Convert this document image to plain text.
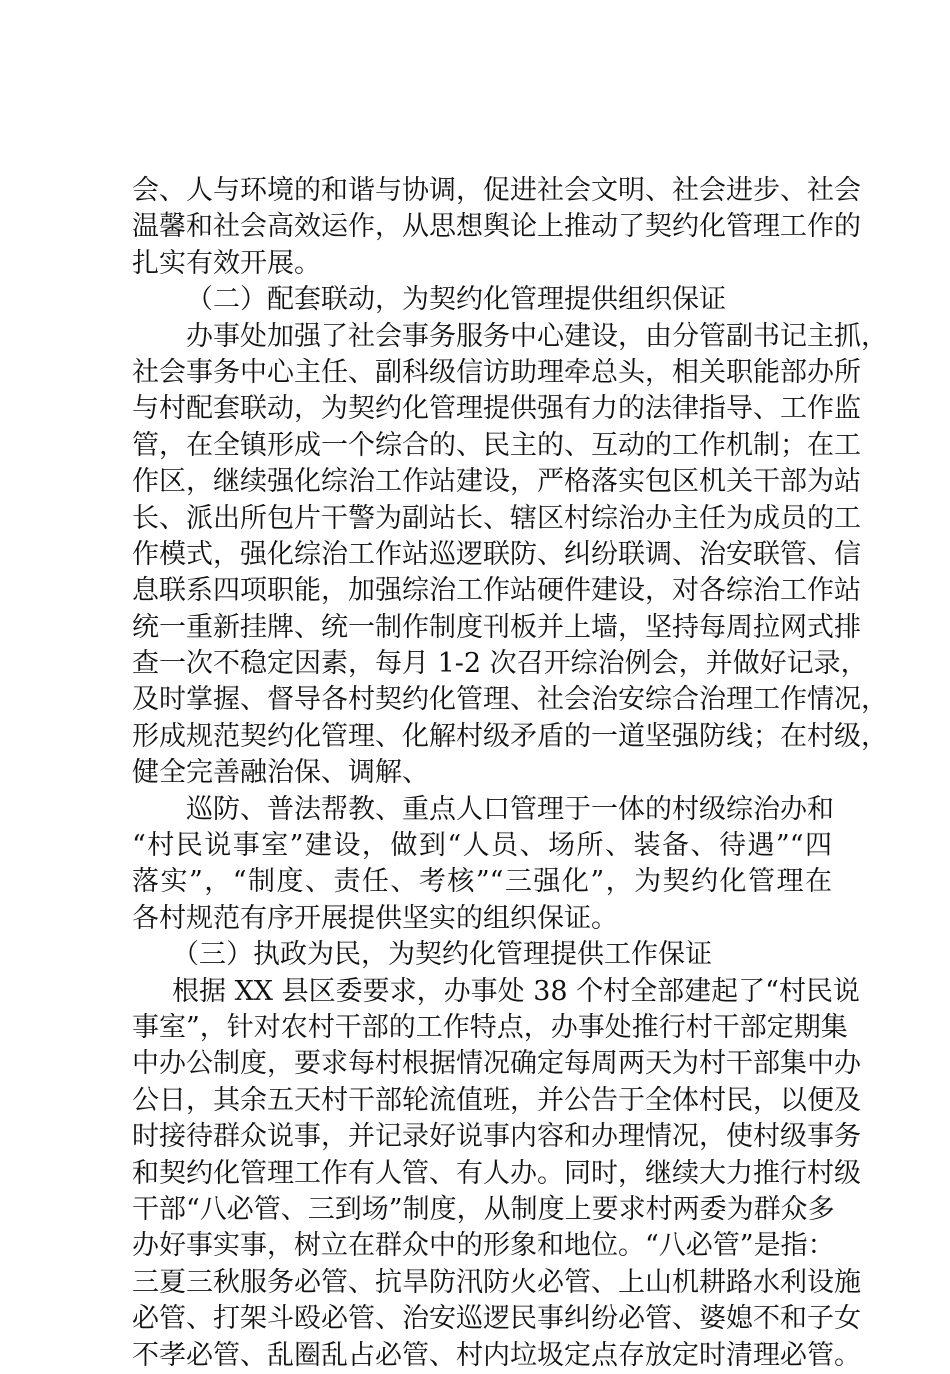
会、人与环境的和谐与协调，促进社会文明、社会进步、社会
温馨和社会高效运作，从思想舆论上推动了契约化管理工作的
扎实有效开展。
（二）配套联动，为契约化管理提供组织保证
办事处加强了社会事务服务中心建设，由分管副书记主抓，
社会事务中心主任、副科级信访助理牵总头，相关职能部办所
与村配套联动，为契约化管理提供强有力的法律指导、工作监
管，在全镇形成一个综合的、民主的、互动的工作机制；在工
作区，继续强化综治工作站建设，严格落实包区机关干部为站
长、派出所包片干警为副站长、辖区村综治办主任为成员的工
作模式，强化综治工作站巡逻联防、纠纷联调、治安联管、信
息联系四项职能，加强综治工作站硬件建设，对各综治工作站
统一重新挂牌、统一制作制度刊板并上墙，坚持每周拉网式排
查一次不稳定因素，每月 1-2 次召开综治例会，并做好记录，
及时掌握、督导各村契约化管理、社会治安综合治理工作情况，
形成规范契约化管理、化解村级矛盾的一道坚强防线；在村级，
健全完善融治保、调解、
巡防、普法帮教、重点人口管理于一体的村级综治办和
“村民说事室”建设，做到“人员、场所、装备、待遇”“四
落实”，“制度、责任、考核”“三强化”，为契约化管理在
各村规范有序开展提供坚实的组织保证。
（三）执政为民，为契约化管理提供工作保证
根据 XX 县区委要求，办事处 38 个村全部建起了“村民说
事室”，针对农村干部的工作特点，办事处推行村干部定期集
中办公制度，要求每村根据情况确定每周两天为村干部集中办
公日，其余五天村干部轮流值班，并公告于全体村民，以便及
时接待群众说事，并记录好说事内容和办理情况，使村级事务
和契约化管理工作有人管、有人办。同时，继续大力推行村级
干部“八必管、三到场”制度，从制度上要求村两委为群众多
办好事实事，树立在群众中的形象和地位。“八必管”是指：
三夏三秋服务必管、抗旱防汛防火必管、上山机耕路水利设施
必管、打架斗殴必管、治安巡逻民事纠纷必管、婆媳不和子女
不孝必管、乱圈乱占必管、村内垃圾定点存放定时清理必管。
